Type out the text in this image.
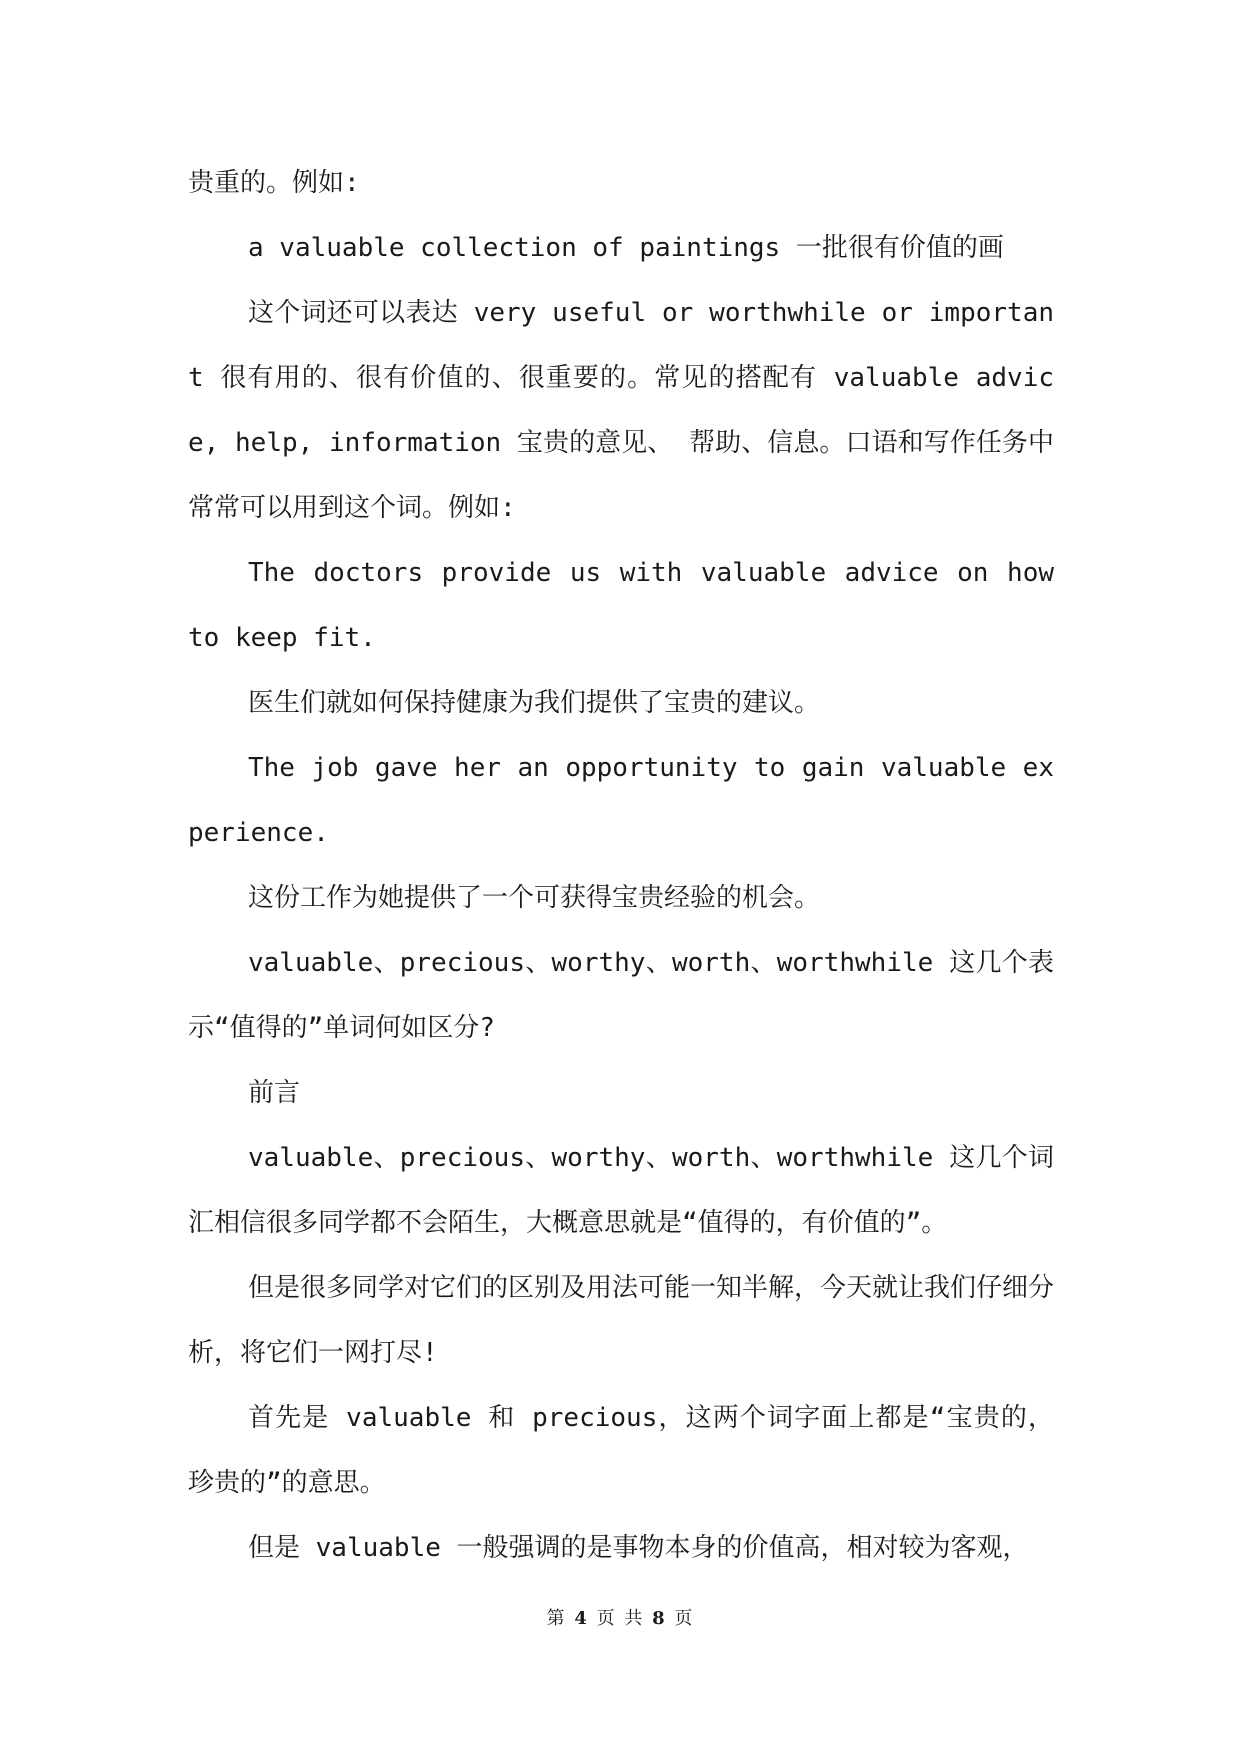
贵重的。例如:

a valuable collection of paintings 一批很有价值的画

这个词还可以表达 very useful or worthwhile or important 很有用的、很有价值的、很重要的。常见的搭配有 valuable advice, help, information 宝贵的意见、 帮助、信息。口语和写作任务中常常可以用到这个词。例如:

The doctors provide us with valuable advice on how to keep fit.

医生们就如何保持健康为我们提供了宝贵的建议。

The job gave her an opportunity to gain valuable experience.

这份工作为她提供了一个可获得宝贵经验的机会。

valuable、precious、worthy、worth、worthwhile 这几个表示“值得的”单词何如区分?

前言

valuable、precious、worthy、worth、worthwhile 这几个词汇相信很多同学都不会陌生，大概意思就是“值得的，有价值的”。

但是很多同学对它们的区别及用法可能一知半解，今天就让我们仔细分析，将它们一网打尽!

首先是 valuable 和 precious，这两个词字面上都是“宝贵的，珍贵的”的意思。

但是 valuable 一般强调的是事物本身的价值高，相对较为客观，

第 4 页 共 8 页
